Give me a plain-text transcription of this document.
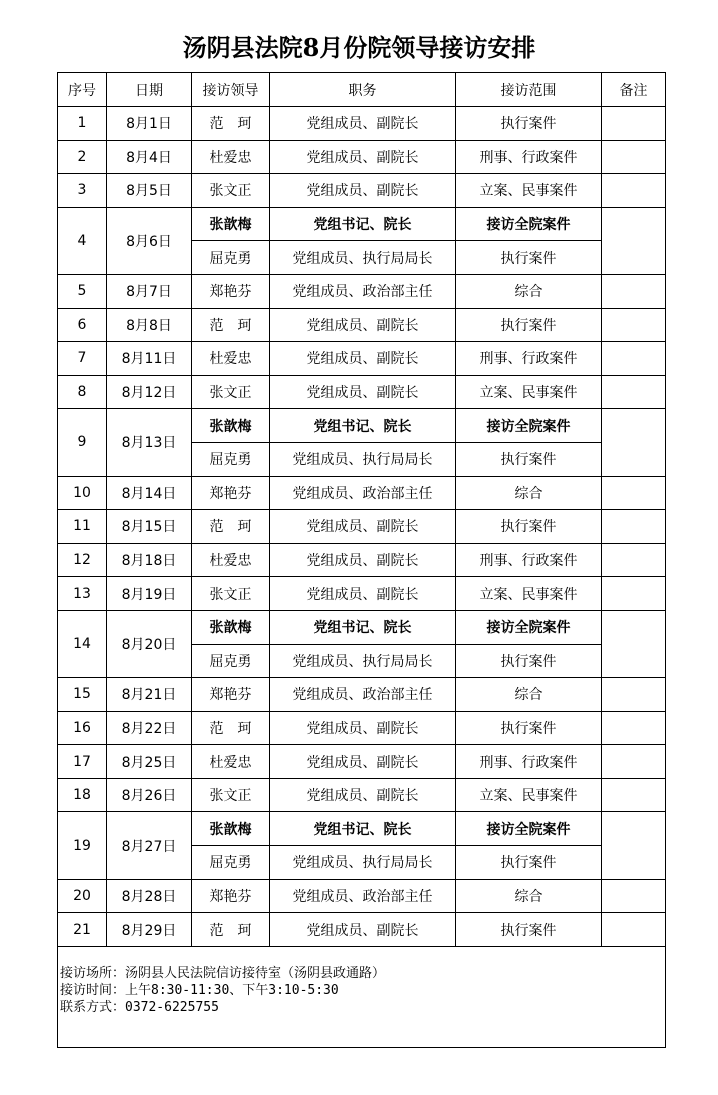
汤阴县法院8月份院领导接访安排
序号	日期	接访领导	职务	接访范围	备注
1	8月1日	范　珂	党组成员、副院长	执行案件	
2	8月4日	杜爱忠	党组成员、副院长	刑事、行政案件	
3	8月5日	张文正	党组成员、副院长	立案、民事案件	
4	8月6日	张歆梅	党组书记、院长	接访全院案件	
		屈克勇	党组成员、执行局局长	执行案件	
5	8月7日	郑艳芬	党组成员、政治部主任	综合	
6	8月8日	范　珂	党组成员、副院长	执行案件	
7	8月11日	杜爱忠	党组成员、副院长	刑事、行政案件	
8	8月12日	张文正	党组成员、副院长	立案、民事案件	
9	8月13日	张歆梅	党组书记、院长	接访全院案件	
		屈克勇	党组成员、执行局局长	执行案件	
10	8月14日	郑艳芬	党组成员、政治部主任	综合	
11	8月15日	范　珂	党组成员、副院长	执行案件	
12	8月18日	杜爱忠	党组成员、副院长	刑事、行政案件	
13	8月19日	张文正	党组成员、副院长	立案、民事案件	
14	8月20日	张歆梅	党组书记、院长	接访全院案件	
		屈克勇	党组成员、执行局局长	执行案件	
15	8月21日	郑艳芬	党组成员、政治部主任	综合	
16	8月22日	范　珂	党组成员、副院长	执行案件	
17	8月25日	杜爱忠	党组成员、副院长	刑事、行政案件	
18	8月26日	张文正	党组成员、副院长	立案、民事案件	
19	8月27日	张歆梅	党组书记、院长	接访全院案件	
		屈克勇	党组成员、执行局局长	执行案件	
20	8月28日	郑艳芬	党组成员、政治部主任	综合	
21	8月29日	范　珂	党组成员、副院长	执行案件	

接访场所：汤阴县人民法院信访接待室（汤阴县政通路）
接访时间：上午8:30-11:30、下午3:10-5:30
联系方式：0372-6225755					
